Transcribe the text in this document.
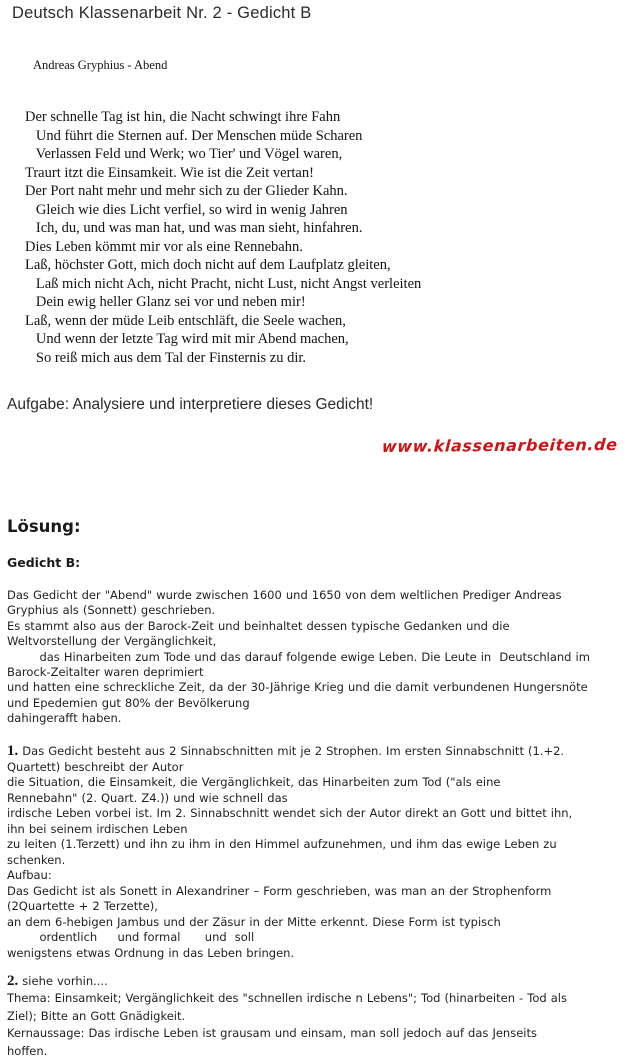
Deutsch Klassenarbeit Nr. 2 - Gedicht B
Andreas Gryphius - Abend
Der schnelle Tag ist hin, die Nacht schwingt ihre Fahn
Und führt die Sternen auf. Der Menschen müde Scharen
Verlassen Feld und Werk; wo Tier' und Vögel waren,
Traurt itzt die Einsamkeit. Wie ist die Zeit vertan!
Der Port naht mehr und mehr sich zu der Glieder Kahn.
Gleich wie dies Licht verfiel, so wird in wenig Jahren
Ich, du, und was man hat, und was man sieht, hinfahren.
Dies Leben kömmt mir vor als eine Rennebahn.
Laß, höchster Gott, mich doch nicht auf dem Laufplatz gleiten,
Laß mich nicht Ach, nicht Pracht, nicht Lust, nicht Angst verleiten
Dein ewig heller Glanz sei vor und neben mir!
Laß, wenn der müde Leib entschläft, die Seele wachen,
Und wenn der letzte Tag wird mit mir Abend machen,
So reiß mich aus dem Tal der Finsternis zu dir.
Aufgabe: Analysiere und interpretiere dieses Gedicht!
www.klassenarbeiten.de
Lösung:
Gedicht B:
Das Gedicht der "Abend" wurde zwischen 1600 und 1650 von dem weltlichen Prediger Andreas
Gryphius als (Sonnett) geschrieben.
Es stammt also aus der Barock-Zeit und beinhaltet dessen typische Gedanken und die
Weltvorstellung der Vergänglichkeit,
das Hinarbeiten zum Tode und das darauf folgende ewige Leben. Die Leute in  Deutschland im
Barock-Zeitalter waren deprimiert
und hatten eine schreckliche Zeit, da der 30-Jährige Krieg und die damit verbundenen Hungersnöte
und Epedemien gut 80% der Bevölkerung
dahingerafft haben.
1. Das Gedicht besteht aus 2 Sinnabschnitten mit je 2 Strophen. Im ersten Sinnabschnitt (1.+2.
Quartett) beschreibt der Autor
die Situation, die Einsamkeit, die Vergänglichkeit, das Hinarbeiten zum Tod ("als eine
Rennebahn" (2. Quart. Z4.)) und wie schnell das
irdische Leben vorbei ist. Im 2. Sinnabschnitt wendet sich der Autor direkt an Gott und bittet ihn,
ihn bei seinem irdischen Leben
zu leiten (1.Terzett) und ihn zu ihm in den Himmel aufzunehmen, und ihm das ewige Leben zu
schenken.
Aufbau:
Das Gedicht ist als Sonett in Alexandriner – Form geschrieben, was man an der Strophenform
(2Quartette + 2 Terzette),
an dem 6-hebigen Jambus und der Zäsur in der Mitte erkennt. Diese Form ist typisch
ordentlich     und formal      und  soll
wenigstens etwas Ordnung in das Leben bringen.
2. siehe vorhin....
Thema: Einsamkeit; Vergänglichkeit des "schnellen irdische n Lebens"; Tod (hinarbeiten - Tod als
Ziel); Bitte an Gott Gnädigkeit.
Kernaussage: Das irdische Leben ist grausam und einsam, man soll jedoch auf das Jenseits
hoffen.
